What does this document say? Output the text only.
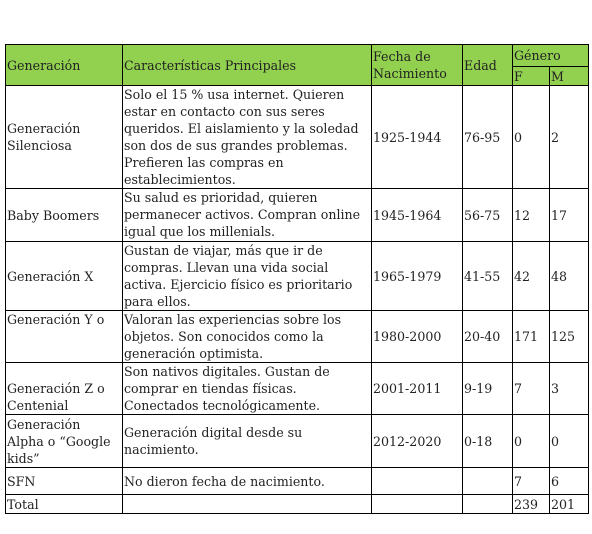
Generación	Características Principales	Fecha de Nacimiento	Edad	Género	
				F	M
Generación Silenciosa	Solo el 15 % usa internet. Quieren estar en contacto con sus seres queridos. El aislamiento y la soledad son dos de sus grandes problemas. Prefieren las compras en establecimientos.	1925-1944	76-95	0	2
Baby Boomers	Su salud es prioridad, quieren permanecer activos. Compran online igual que los millenials.	1945-1964	56-75	12	17
Generación X	Gustan de viajar, más que ir de compras. Llevan una vida social activa. Ejercicio físico es prioritario para ellos.	1965-1979	41-55	42	48
Generación Y o	Valoran las experiencias sobre los objetos. Son conocidos como la generación optimista.	1980-2000	20-40	171	125
Generación Z o Centenial	Son nativos digitales. Gustan de comprar en tiendas físicas. Conectados tecnológicamente.	2001-2011	9-19	7	3
Generación Alpha o “Google kids”	Generación digital desde su nacimiento.	2012-2020	0-18	0	0
SFN	No dieron fecha de nacimiento.			7	6
Total				239	201
